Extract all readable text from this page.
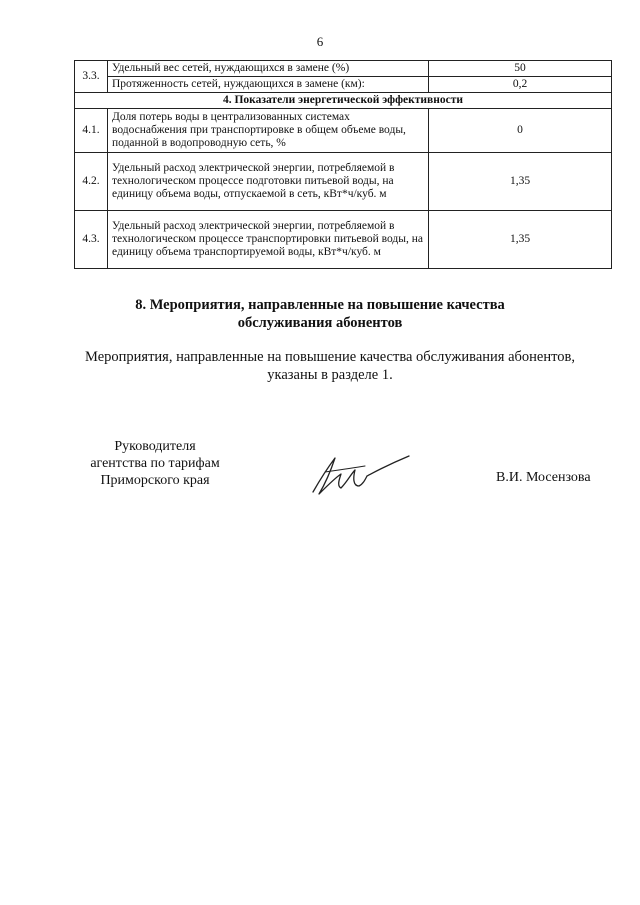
6
3.3.	Удельный вес сетей, нуждающихся в замене (%)	50
	Протяженность сетей, нуждающихся в замене (км):	0,2
4. Показатели энергетической эффективности		
4.1.	Доля потерь воды в централизованных системах водоснабжения при транспортировке в общем объеме воды, поданной в водопроводную сеть, %	0
4.2.	Удельный расход электрической энергии, потребляемой в технологическом процессе подготовки питьевой воды, на единицу объема воды, отпускаемой в сеть, кВт*ч/куб. м	1,35
4.3.	Удельный расход электрической энергии, потребляемой в технологическом процессе транспортировки питьевой воды, на единицу объема транспортируемой воды, кВт*ч/куб. м	1,35
8. Мероприятия, направленные на повышение качества
обслуживания абонентов
Мероприятия, направленные на повышение качества обслуживания абонентов,
указаны в разделе 1.
Руководителя
агентства по тарифам
Приморского края	В.И. Мосензова
